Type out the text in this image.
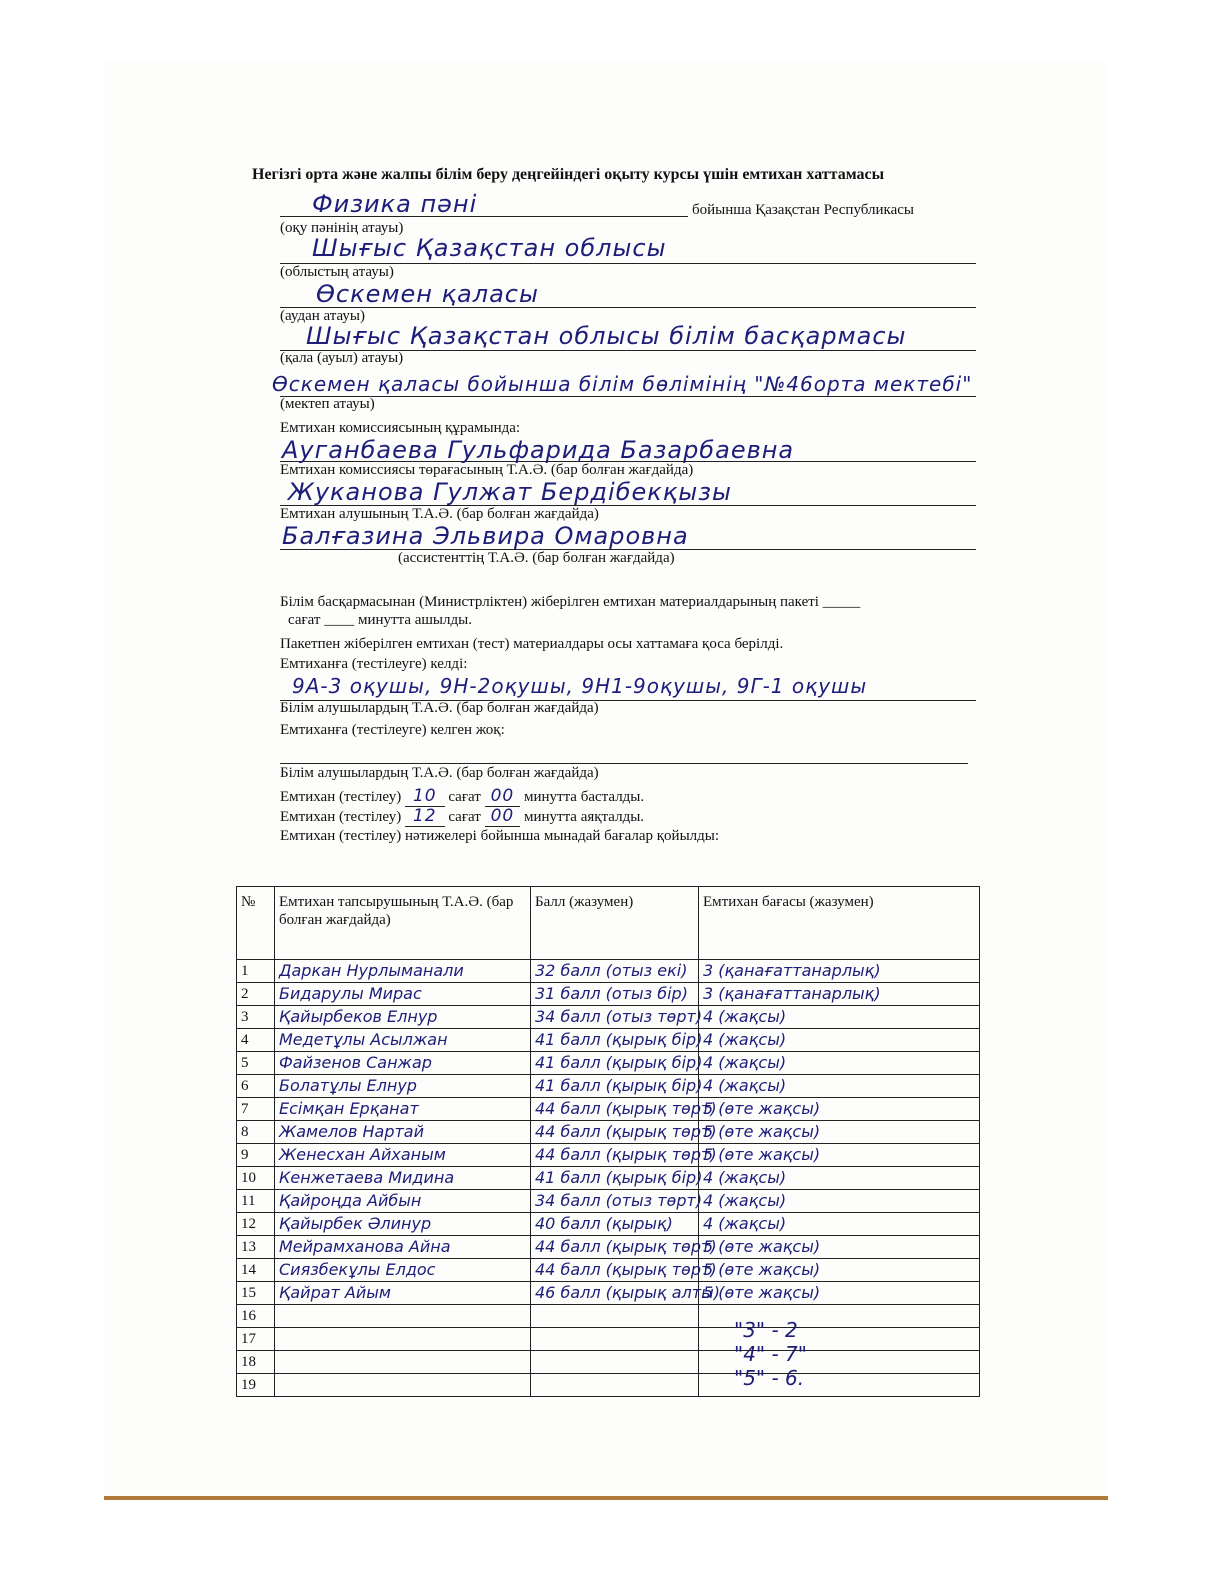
Негізгі орта және жалпы білім беру деңгейіндегі оқыту курсы үшін емтихан хаттамасы
Физика пәні	бойынша Қазақстан Республикасы
(оқу пәнінің атауы)
Шығыс Қазақстан облысы
(облыстың атауы)
Өскемен қаласы
(аудан атауы)
Шығыс Қазақстан облысы білім басқармасы
(қала (ауыл) атауы)
Өскемен қаласы бойынша білім бөлімінің "№46орта мектебі"
(мектеп атауы)
Емтихан комиссиясының құрамында:
Ауганбаева Гульфарида Базарбаевна
Емтихан комиссиясы төрағасының Т.А.Ә. (бар болған жағдайда)
Жуканова Гулжат Бердібекқызы
Емтихан алушының Т.А.Ә. (бар болған жағдайда)
Балғазина Эльвира Омаровна
(ассистенттің Т.А.Ә. (бар болған жағдайда)
Білім басқармасынан (Министрліктен) жіберілген емтихан материалдарының пакеті _____
сағат ____ минутта ашылды.
Пакетпен жіберілген емтихан (тест) материалдары осы хаттамаға қоса берілді.
Емтиханға (тестілеуге) келді:
9А-3 оқушы, 9Н-2оқушы, 9Н1-9оқушы, 9Г-1 оқушы
Білім алушылардың Т.А.Ә. (бар болған жағдайда)
Емтиханға (тестілеуге) келген жоқ:
Білім алушылардың Т.А.Ә. (бар болған жағдайда)
Емтихан (тестілеу) 10 сағат 00 минутта басталды.
Емтихан (тестілеу) 12 сағат 00 минутта аяқталды.
Емтихан (тестілеу) нәтижелері бойынша мынадай бағалар қойылды:
№	Емтихан тапсырушының Т.А.Ә. (бар болған жағдайда)	Балл (жазумен)	Емтихан бағасы (жазумен)
1	Даркан Нурлыманали	32 балл (отыз екі)	3 (қанағаттанарлық)
2	Бидарулы Мирас	31 балл (отыз бір)	3 (қанағаттанарлық)
3	Қайырбеков Елнур	34 балл (отыз төрт)	4 (жақсы)
4	Медетұлы Асылжан	41 балл (қырық бір)	4 (жақсы)
5	Файзенов Санжар	41 балл (қырық бір)	4 (жақсы)
6	Болатұлы Елнур	41 балл (қырық бір)	4 (жақсы)
7	Есімқан Ерқанат	44 балл (қырық төрт)	5 (өте жақсы)
8	Жамелов Нартай	44 балл (қырық төрт)	5 (өте жақсы)
9	Женесхан Айханым	44 балл (қырық төрт)	5 (өте жақсы)
10	Кенжетаева Мидина	41 балл (қырық бір)	4 (жақсы)
11	Қайроңда Айбын	34 балл (отыз төрт)	4 (жақсы)
12	Қайырбек Әлинур	40 балл (қырық)	4 (жақсы)
13	Мейрамханова Айна	44 балл (қырық төрт)	5 (өте жақсы)
14	Сиязбекұлы Елдос	44 балл (қырық төрт)	5 (өте жақсы)
15	Қайрат Айым	46 балл (қырық алты)	5 (өте жақсы)
16			
17			
18			
19			
"3" - 2
"4" - 7"
"5" - 6.
